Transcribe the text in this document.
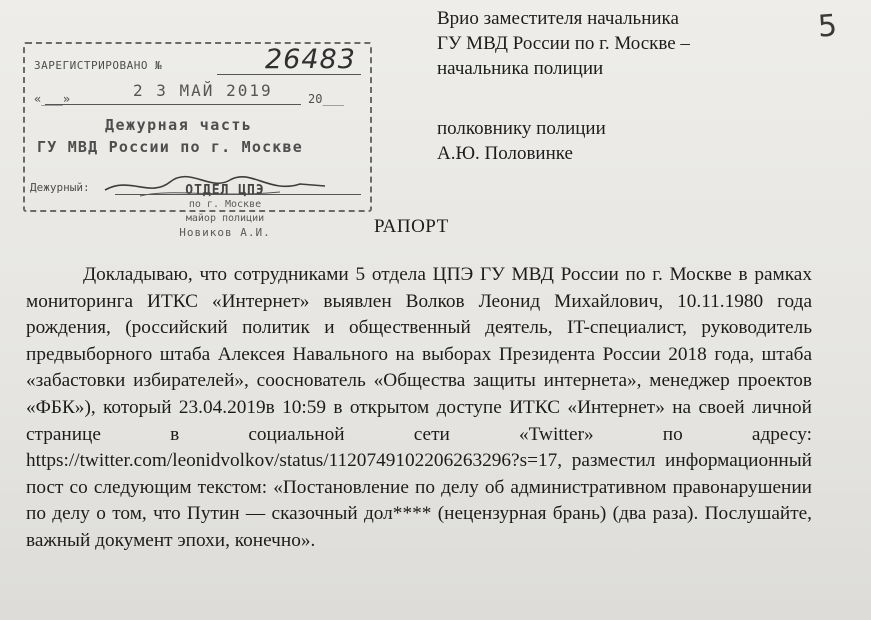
Врио заместителя начальника
ГУ МВД России по г. Москве –
начальника полиции
полковнику полиции
А.Ю. Половинке
5
ЗАРЕГИСТРИРОВАНО №	26483
«___»	2 3 МАЙ 2019	20___
Дежурная часть
ГУ МВД России по г. Москве
Дежурный:	ОТДЕЛ ЦПЭ
по г. Москве
майор полиции
Новиков А.И.	РАПОРТ

Докладываю, что сотрудниками 5 отдела ЦПЭ ГУ МВД России по г. Москве в рамках мониторинга ИТКС «Интернет» выявлен Волков Леонид Михайлович, 10.11.1980 года рождения, (российский политик и общественный деятель, IT-специалист, руководитель предвыборного штаба Алексея Навального на выборах Президента России 2018 года, штаба «забастовки избирателей», сооснователь «Общества защиты интернета», менеджер проектов «ФБК»), который 23.04.2019в 10:59 в открытом доступе ИТКС «Интернет» на своей личной странице в социальной сети «Twitter» по адресу: https://twitter.com/leonidvolkov/status/1120749102206263296?s=17, разместил информационный пост со следующим текстом: «Постановление по делу об административном правонарушении по делу о том, что Путин — сказочный дол**** (нецензурная брань) (два раза). Послушайте, важный документ эпохи, конечно».
